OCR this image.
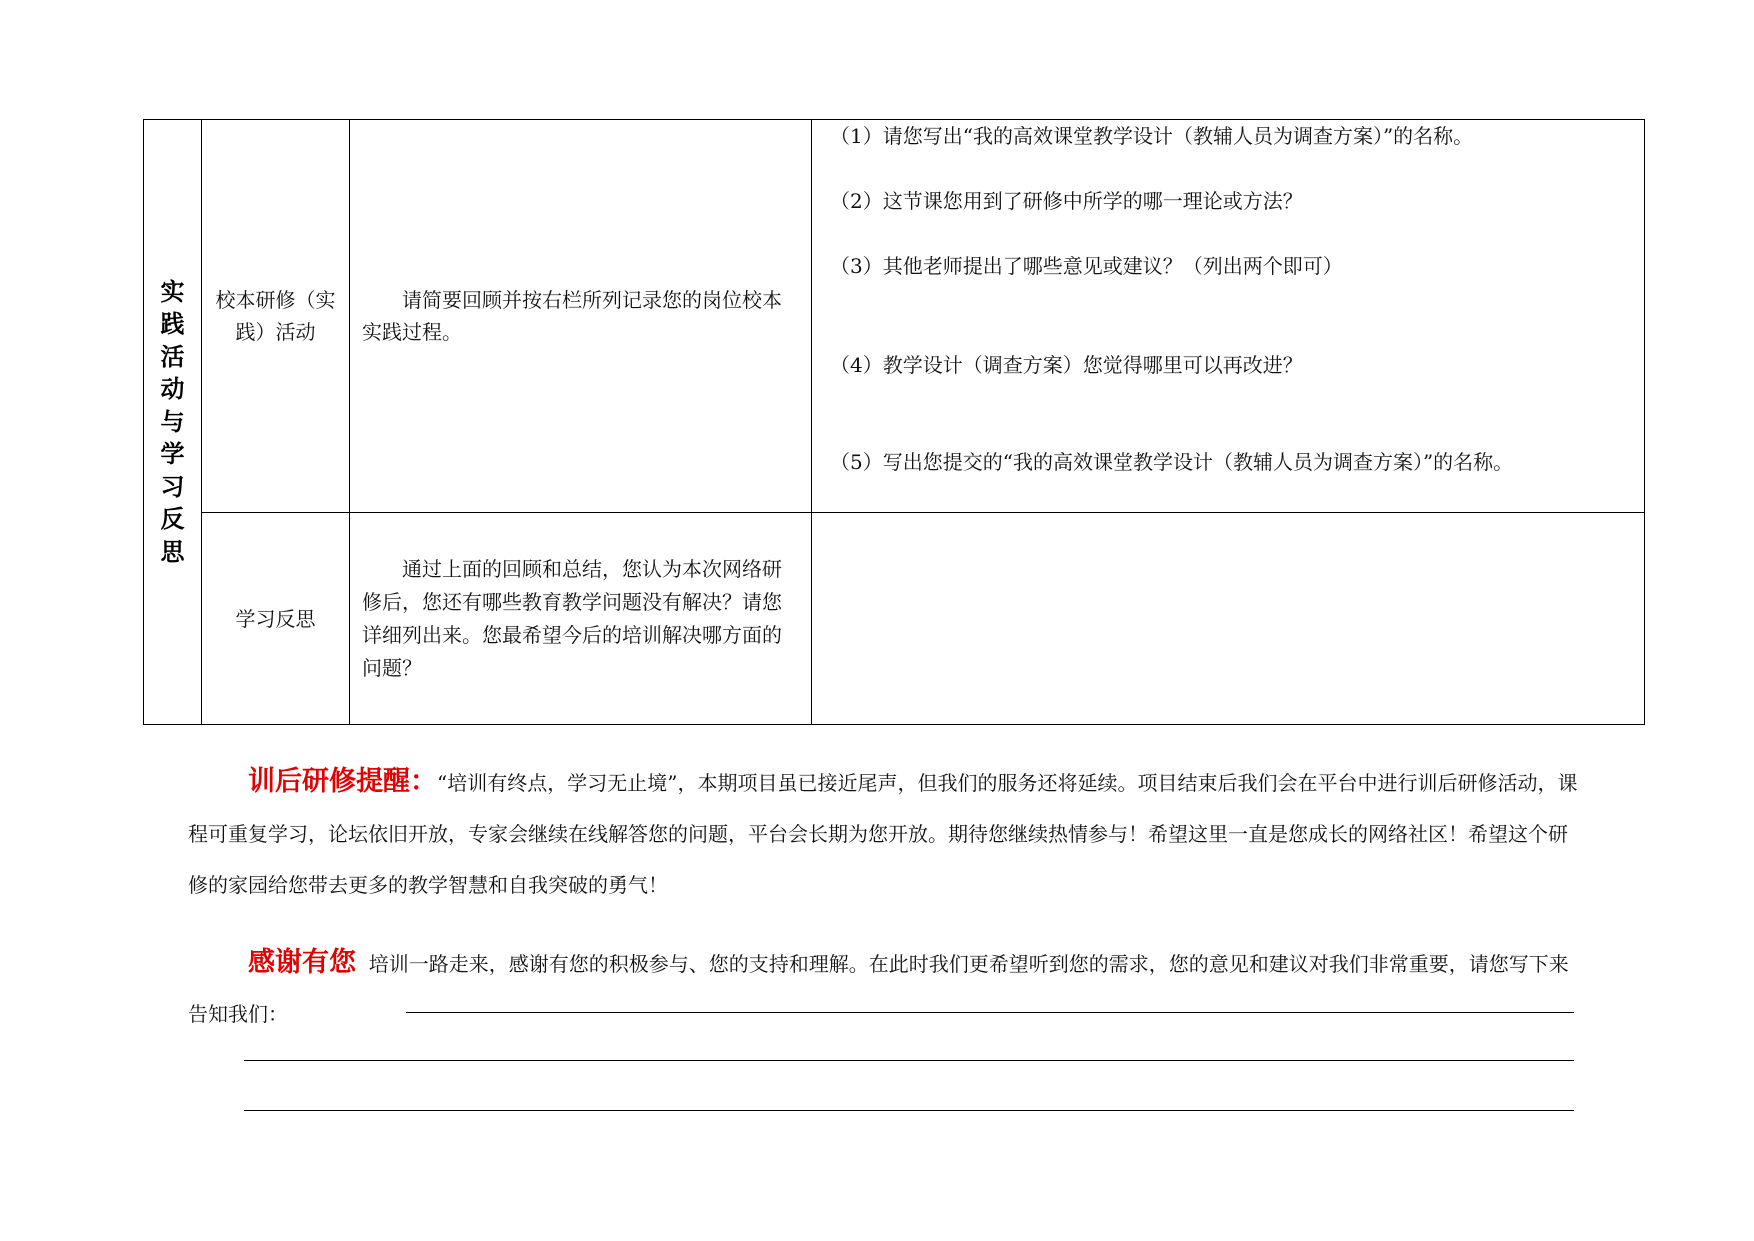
实践活动与学习反思	校本研修（实践）活动	请简要回顾并按右栏所列记录您的岗位校本实践过程。	（1）请您写出“我的高效课堂教学设计（教辅人员为调查方案）”的名称。
（2）这节课您用到了研修中所学的哪一理论或方法？
（3）其他老师提出了哪些意见或建议？（列出两个即可）
（4）教学设计（调查方案）您觉得哪里可以再改进？
（5）写出您提交的“我的高效课堂教学设计（教辅人员为调查方案）”的名称。

	学习反思	通过上面的回顾和总结，您认为本次网络研修后，您还有哪些教育教学问题没有解决？请您详细列出来。您最希望今后的培训解决哪方面的问题？	

训后研修提醒：“培训有终点，学习无止境”，本期项目虽已接近尾声，但我们的服务还将延续。项目结束后我们会在平台中进行训后研修活动，课程可重复学习，论坛依旧开放，专家会继续在线解答您的问题，平台会长期为您开放。期待您继续热情参与！希望这里一直是您成长的网络社区！希望这个研修的家园给您带去更多的教学智慧和自我突破的勇气！
感谢有您 培训一路走来，感谢有您的积极参与、您的支持和理解。在此时我们更希望听到您的需求，您的意见和建议对我们非常重要，请您写下来告知我们：
